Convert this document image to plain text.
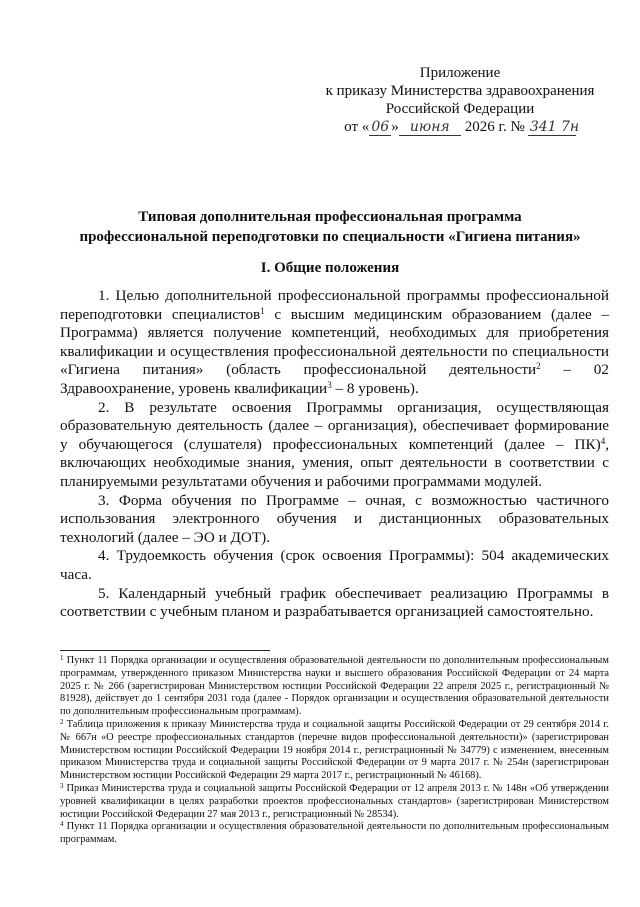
Приложение
к приказу Министерства здравоохранения
Российской Федерации
от « 06 » июня 2026 г. № 341 7н
Типовая дополнительная профессиональная программа
профессиональной переподготовки по специальности «Гигиена питания»
I. Общие положения

1. Целью дополнительной профессиональной программы профессиональной переподготовки специалистов$^1$ с высшим медицинским образованием (далее – Программа) является получение компетенций, необходимых для приобретения квалификации и осуществления профессиональной деятельности по специальности «Гигиена питания» (область профессиональной деятельности$^2$ – 02 Здравоохранение, уровень квалификации$^3$ – 8 уровень).

2. В результате освоения Программы организация, осуществляющая образовательную деятельность (далее – организация), обеспечивает формирование у обучающегося (слушателя) профессиональных компетенций (далее – ПК)$^4$, включающих необходимые знания, умения, опыт деятельности в соответствии с планируемыми результатами обучения и рабочими программами модулей.

3. Форма обучения по Программе – очная, с возможностью частичного использования электронного обучения и дистанционных образовательных технологий (далее – ЭО и ДОТ).

4. Трудоемкость обучения (срок освоения Программы): 504 академических часа.

5. Календарный учебный график обеспечивает реализацию Программы в соответствии с учебным планом и разрабатывается организацией самостоятельно.

$^1$ Пункт 11 Порядка организации и осуществления образовательной деятельности по дополнительным профессиональным программам, утвержденного приказом Министерства науки и высшего образования Российской Федерации от 24 марта 2025 г. № 266 (зарегистрирован Министерством юстиции Российской Федерации 22 апреля 2025 г., регистрационный № 81928), действует до 1 сентября 2031 года (далее - Порядок организации и осуществления образовательной деятельности по дополнительным профессиональным программам).

$^2$ Таблица приложения к приказу Министерства труда и социальной защиты Российской Федерации от 29 сентября 2014 г. № 667н «О реестре профессиональных стандартов (перечне видов профессиональной деятельности)» (зарегистрирован Министерством юстиции Российской Федерации 19 ноября 2014 г., регистрационный № 34779) с изменением, внесенным приказом Министерства труда и социальной защиты Российской Федерации от 9 марта 2017 г. № 254н (зарегистрирован Министерством юстиции Российской Федерации 29 марта 2017 г., регистрационный № 46168).

$^3$ Приказ Министерства труда и социальной защиты Российской Федерации от 12 апреля 2013 г. № 148н «Об утверждении уровней квалификации в целях разработки проектов профессиональных стандартов» (зарегистрирован Министерством юстиции Российской Федерации 27 мая 2013 г., регистрационный № 28534).

$^4$ Пункт 11 Порядка организации и осуществления образовательной деятельности по дополнительным профессиональным программам.
